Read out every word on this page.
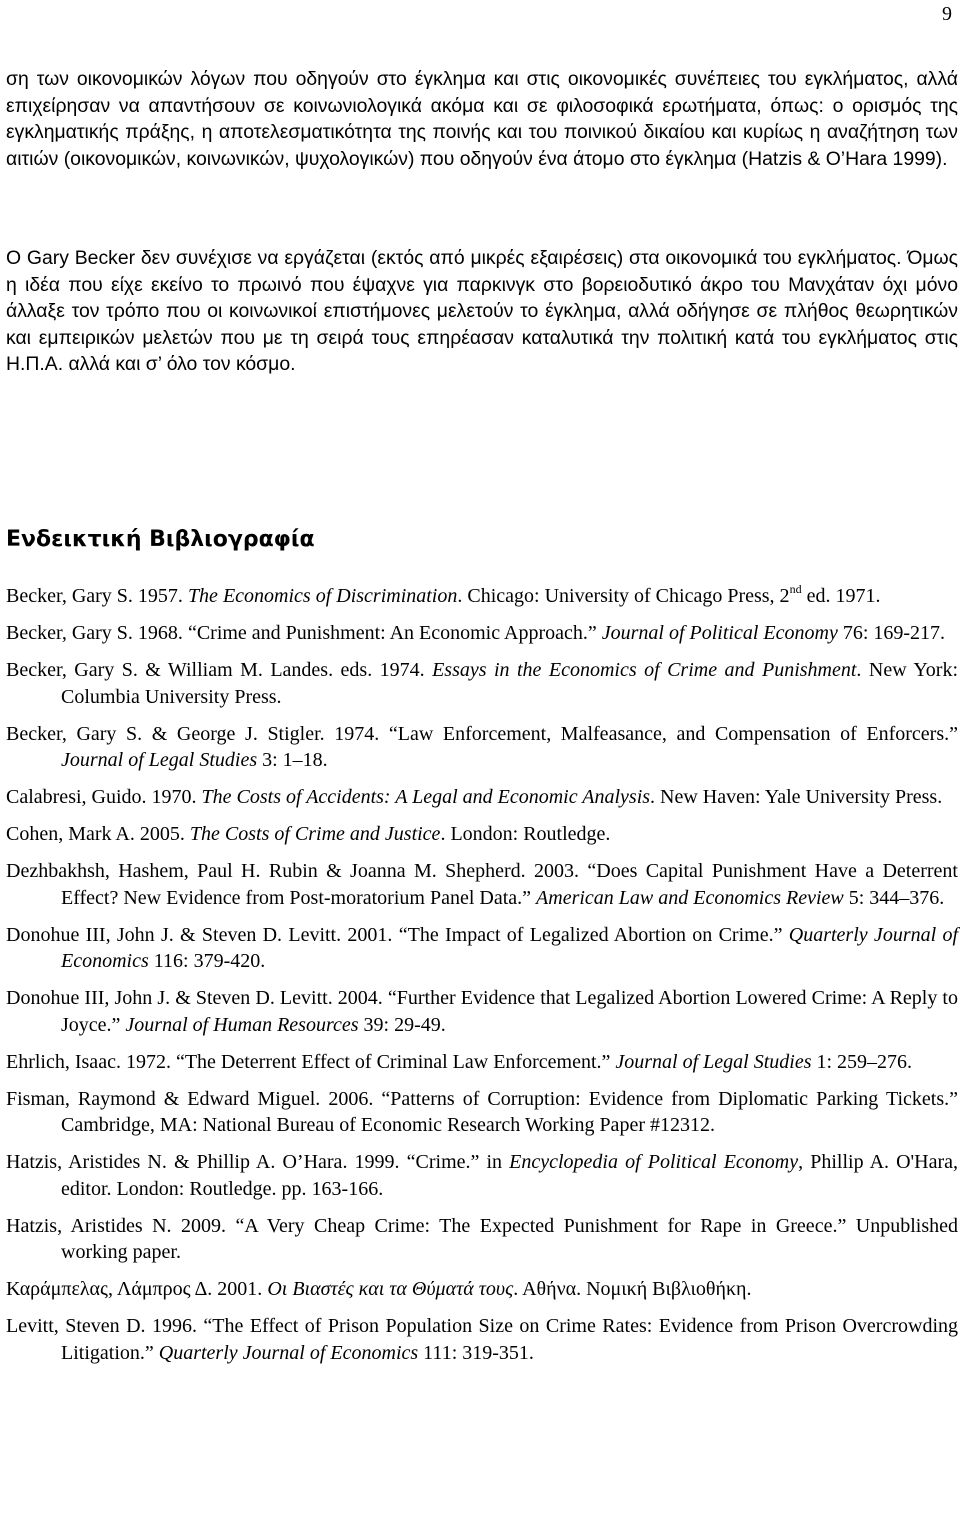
9

ση των οικονομικών λόγων που οδηγούν στο έγκλημα και στις οικονομικές συνέπειες του εγκλήματος, αλλά επιχείρησαν να απαντήσουν σε κοινωνιολογικά ακόμα και σε φιλοσοφικά ερωτήματα, όπως: ο ορισμός της εγκληματικής πράξης, η αποτελεσματικότητα της ποινής και του ποινικού δικαίου και κυρίως η αναζήτηση των αιτιών (οικονομικών, κοινωνικών, ψυχολογικών) που οδηγούν ένα άτομο στο έγκλημα (Hatzis & O’Hara 1999).

O Gary Becker δεν συνέχισε να εργάζεται (εκτός από μικρές εξαιρέσεις) στα οικονομικά του εγκλήματος. Όμως η ιδέα που είχε εκείνο το πρωινό που έψαχνε για παρκινγκ στο βορειοδυτικό άκρο του Μανχάταν όχι μόνο άλλαξε τον τρόπο που οι κοινωνικοί επιστήμονες μελετούν το έγκλημα, αλλά οδήγησε σε πλήθος θεωρητικών και εμπειρικών μελετών που με τη σειρά τους επηρέασαν καταλυτικά την πολιτική κατά του εγκλήματος στις Η.Π.Α. αλλά και σ’ όλο τον κόσμο.

Ενδεικτική Βιβλιογραφία

Becker, Gary S. 1957. The Economics of Discrimination. Chicago: University of Chicago Press, 2nd ed. 1971.

Becker, Gary S. 1968. “Crime and Punishment: An Economic Approach.” Journal of Political Economy 76: 169-217.

Becker, Gary S. & William M. Landes. eds. 1974. Essays in the Economics of Crime and Punishment. New York: Columbia University Press.

Becker, Gary S. & George J. Stigler. 1974. “Law Enforcement, Malfeasance, and Compensation of Enforcers.” Journal of Legal Studies 3: 1–18.

Calabresi, Guido. 1970. The Costs of Accidents: A Legal and Economic Analysis. New Haven: Yale University Press.

Cohen, Mark A. 2005. The Costs of Crime and Justice. London: Routledge.

Dezhbakhsh, Hashem, Paul H. Rubin & Joanna M. Shepherd. 2003. “Does Capital Punishment Have a Deterrent Effect? New Evidence from Post-moratorium Panel Data.” American Law and Economics Review 5: 344–376.

Donohue III, John J. & Steven D. Levitt. 2001. “The Impact of Legalized Abortion on Crime.” Quarterly Journal of Economics 116: 379-420.

Donohue III, John J. & Steven D. Levitt. 2004. “Further Evidence that Legalized Abortion Lowered Crime: A Reply to Joyce.” Journal of Human Resources 39: 29-49.

Ehrlich, Isaac. 1972. “The Deterrent Effect of Criminal Law Enforcement.” Journal of Legal Studies 1: 259–276.

Fisman, Raymond & Edward Miguel. 2006. “Patterns of Corruption: Evidence from Diplomatic Parking Tickets.” Cambridge, MA: National Bureau of Economic Research Working Paper #12312.

Hatzis, Aristides N. & Phillip A. O’Hara. 1999. “Crime.” in Encyclopedia of Political Economy, Phillip A. O'Hara, editor. London: Routledge. pp. 163-166.

Hatzis, Aristides N. 2009. “A Very Cheap Crime: The Expected Punishment for Rape in Greece.” Unpublished working paper.

Καράμπελας, Λάμπρος Δ. 2001. Οι Βιαστές και τα Θύματά τους. Αθήνα. Νομική Βιβλιοθήκη.

Levitt, Steven D. 1996. “The Effect of Prison Population Size on Crime Rates: Evidence from Prison Overcrowding Litigation.” Quarterly Journal of Economics 111: 319-351.
